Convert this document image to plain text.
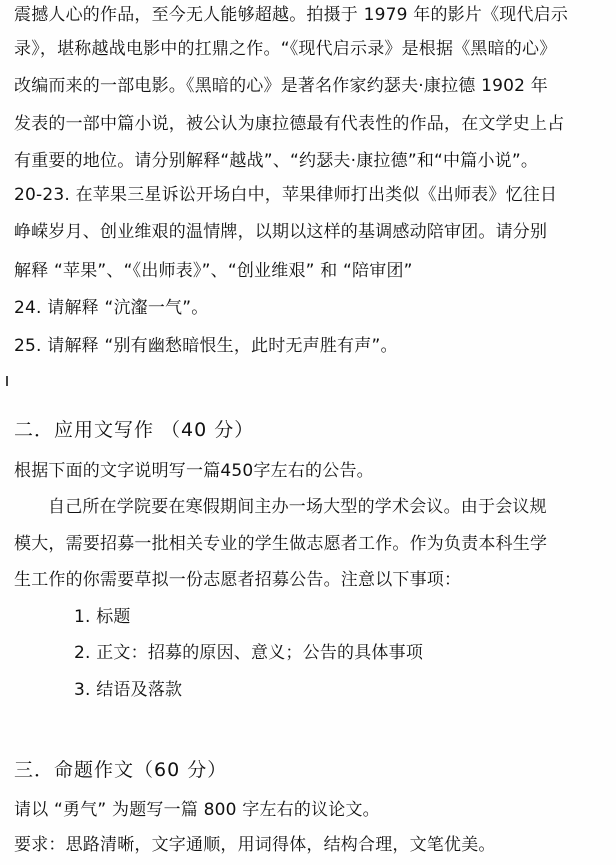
震撼人心的作品，至今无人能够超越。拍摄于 1979 年的影片《现代启示
录》，堪称越战电影中的扛鼎之作。“《现代启示录》是根据《黑暗的心》
改编而来的一部电影。《黑暗的心》是著名作家约瑟夫·康拉德 1902 年
发表的一部中篇小说，被公认为康拉德最有代表性的作品，在文学史上占
有重要的地位。请分别解释“越战”、“约瑟夫·康拉德”和“中篇小说”。
20-23. 在苹果三星诉讼开场白中，苹果律师打出类似《出师表》忆往日
峥嵘岁月、创业维艰的温情牌，以期以这样的基调感动陪审团。请分别
解释 “苹果”、“《出师表》”、“创业维艰” 和 “陪审团”
24. 请解释 “沆瀣一气”。
25. 请解释 “别有幽愁暗恨生，此时无声胜有声”。
二．应用文写作 （40 分）
根据下面的文字说明写一篇450字左右的公告。
自己所在学院要在寒假期间主办一场大型的学术会议。由于会议规
模大，需要招募一批相关专业的学生做志愿者工作。作为负责本科生学
生工作的你需要草拟一份志愿者招募公告。注意以下事项：
1. 标题
2. 正文：招募的原因、意义；公告的具体事项
3. 结语及落款
三．命题作文（60 分）
请以 “勇气” 为题写一篇 800 字左右的议论文。
要求：思路清晰，文字通顺，用词得体，结构合理，文笔优美。
